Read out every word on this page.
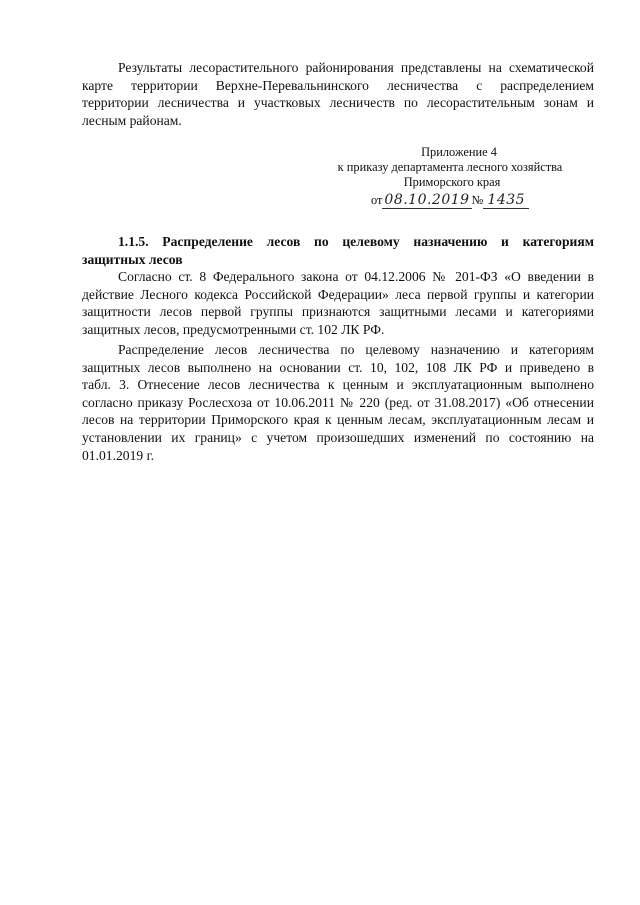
Результаты лесорастительного районирования представлены на схематической
карте территории Верхне-Перевальнинского лесничества с распределением
территории лесничества и участковых лесничеств по лесорастительным зонам и
лесным районам.
Приложение 4
к приказу департамента лесного хозяйства
Приморского края
от 08.10.2019 № 1435
1.1.5. Распределение лесов по целевому назначению и категориям
защитных лесов
Согласно ст. 8 Федерального закона от 04.12.2006 № 201-ФЗ «О введении в
действие Лесного кодекса Российской Федерации» леса первой группы и категории
защитности лесов первой группы признаются защитными лесами и категориями
защитных лесов, предусмотренными ст. 102 ЛК РФ.
Распределение лесов лесничества по целевому назначению и категориям
защитных лесов выполнено на основании ст. 10, 102, 108 ЛК РФ и приведено в
табл. 3. Отнесение лесов лесничества к ценным и эксплуатационным выполнено
согласно приказу Рослесхоза от 10.06.2011 № 220 (ред. от 31.08.2017) «Об отнесении
лесов на территории Приморского края к ценным лесам, эксплуатационным лесам и
установлении их границ» с учетом произошедших изменений по состоянию на
01.01.2019 г.
